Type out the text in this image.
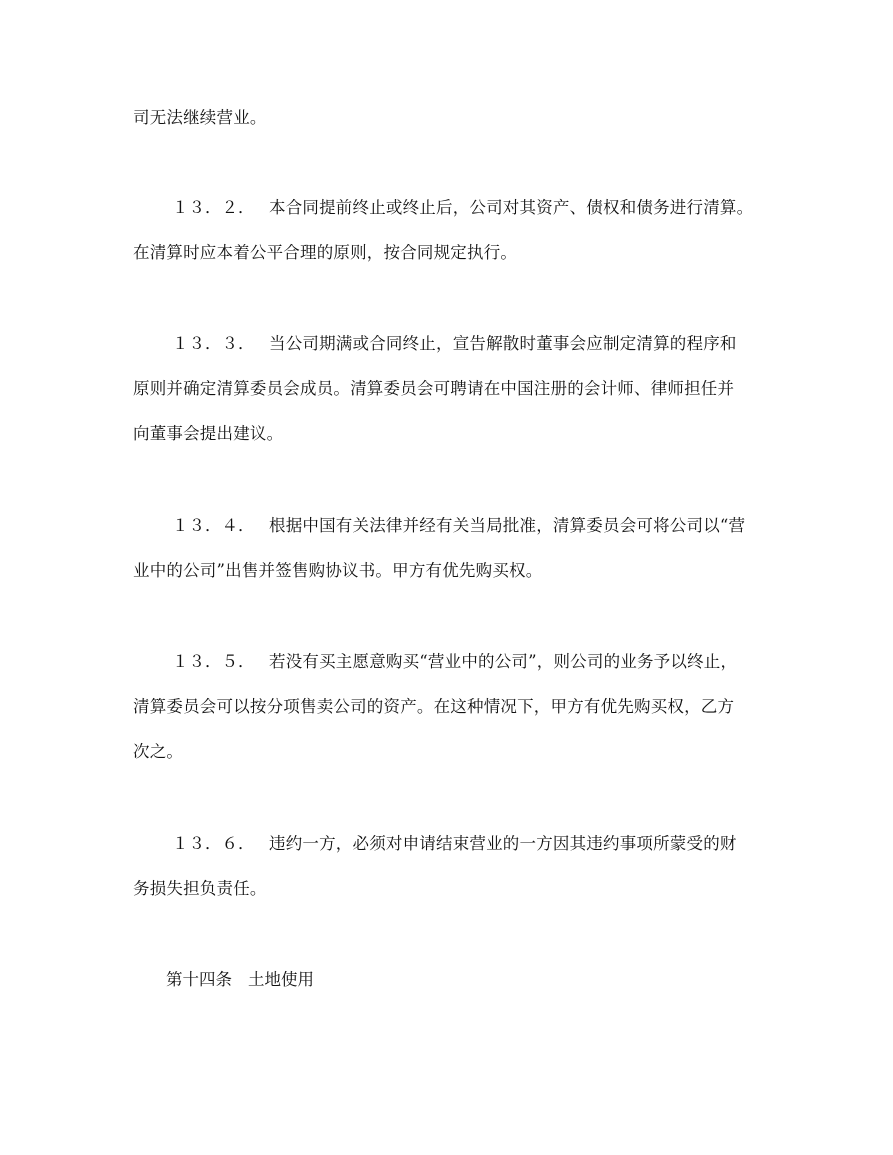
司无法继续营业。
１３．２． 本合同提前终止或终止后，公司对其资产、债权和债务进行清算。
在清算时应本着公平合理的原则，按合同规定执行。
１３．３． 当公司期满或合同终止，宣告解散时董事会应制定清算的程序和
原则并确定清算委员会成员。清算委员会可聘请在中国注册的会计师、律师担任并
向董事会提出建议。
１３．４． 根据中国有关法律并经有关当局批准，清算委员会可将公司以“营
业中的公司”出售并签售购协议书。甲方有优先购买权。
１３．５． 若没有买主愿意购买“营业中的公司”，则公司的业务予以终止，
清算委员会可以按分项售卖公司的资产。在这种情况下，甲方有优先购买权，乙方
次之。
１３．６． 违约一方，必须对申请结束营业的一方因其违约事项所蒙受的财
务损失担负责任。
第十四条 土地使用
